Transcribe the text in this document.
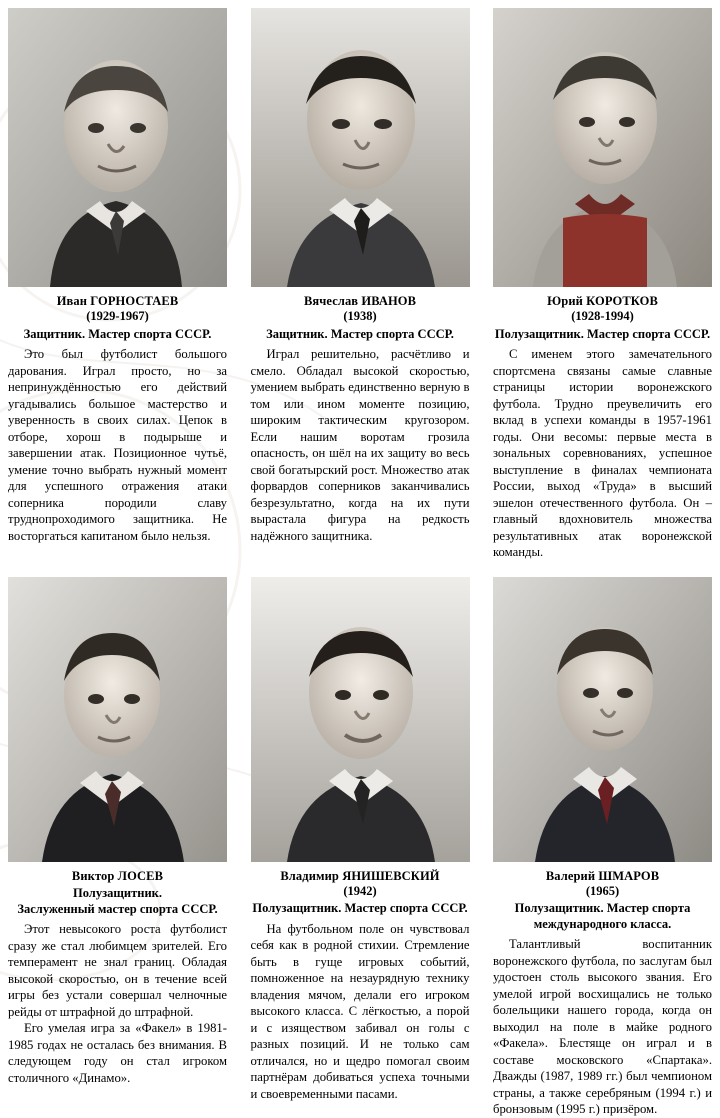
Иван ГОРНОСТАЕВ
(1929-1967)
Защитник. Мастер спорта СССР.

Это был футболист большого дарования. Играл просто, но за непринуждённостью его действий угадывались большое мастерство и уверенность в своих силах. Цепок в отборе, хорош в подырыше и завершении атак. Позиционное чутьё, умение точно выбрать нужный момент для успешного отражения атаки соперника породили славу труднопроходимого защитника. Не восторгаться капитаном было нельзя.

Вячеслав ИВАНОВ
(1938)
Защитник. Мастер спорта СССР.

Играл решительно, расчётливо и смело. Обладал высокой скоростью, умением выбрать единственно верную в том или ином моменте позицию, широким тактическим кругозором. Если нашим воротам грозила опасность, он шёл на их защиту во весь свой богатырский рост. Множество атак форвардов соперников заканчивались безрезультатно, когда на их пути вырастала фигура на редкость надёжного защитника.

Юрий КОРОТКОВ
(1928-1994)
Полузащитник. Мастер спорта СССР.

С именем этого замечательного спортсмена связаны самые славные страницы истории воронежского футбола. Трудно преувеличить его вклад в успехи команды в 1957-1961 годы. Они весомы: первые места в зональных соревнованиях, успешное выступление в финалах чемпионата России, выход «Труда» в высший эшелон отечественного футбола. Он – главный вдохновитель множества результативных атак воронежской команды.

Виктор ЛОСЕВ
Полузащитник.
Заслуженный мастер спорта СССР.

Этот невысокого роста футболист сразу же стал любимцем зрителей. Его темперамент не знал границ. Обладая высокой скоростью, он в течение всей игры без устали совершал челночные рейды от штрафной до штрафной.

Его умелая игра за «Факел» в 1981-1985 годах не осталась без внимания. В следующем году он стал игроком столичного «Динамо».

Владимир ЯНИШЕВСКИЙ
(1942)
Полузащитник. Мастер спорта СССР.

На футбольном поле он чувствовал себя как в родной стихии. Стремление быть в гуще игровых событий, помноженное на незаурядную технику владения мячом, делали его игроком высокого класса. С лёгкостью, а порой и с изяществом забивал он голы с разных позиций. И не только сам отличался, но и щедро помогал своим партнёрам добиваться успеха точными и своевременными пасами.

Валерий ШМАРОВ
(1965)
Полузащитник. Мастер спорта международного класса.

Талантливый воспитанник воронежского футбола, по заслугам был удостоен столь высокого звания. Его умелой игрой восхищались не только болельщики нашего города, когда он выходил на поле в майке родного «Факела». Блестяще он играл и в составе московского «Спартака». Дважды (1987, 1989 гг.) был чемпионом страны, а также серебряным (1994 г.) и бронзовым (1995 г.) призёром.
